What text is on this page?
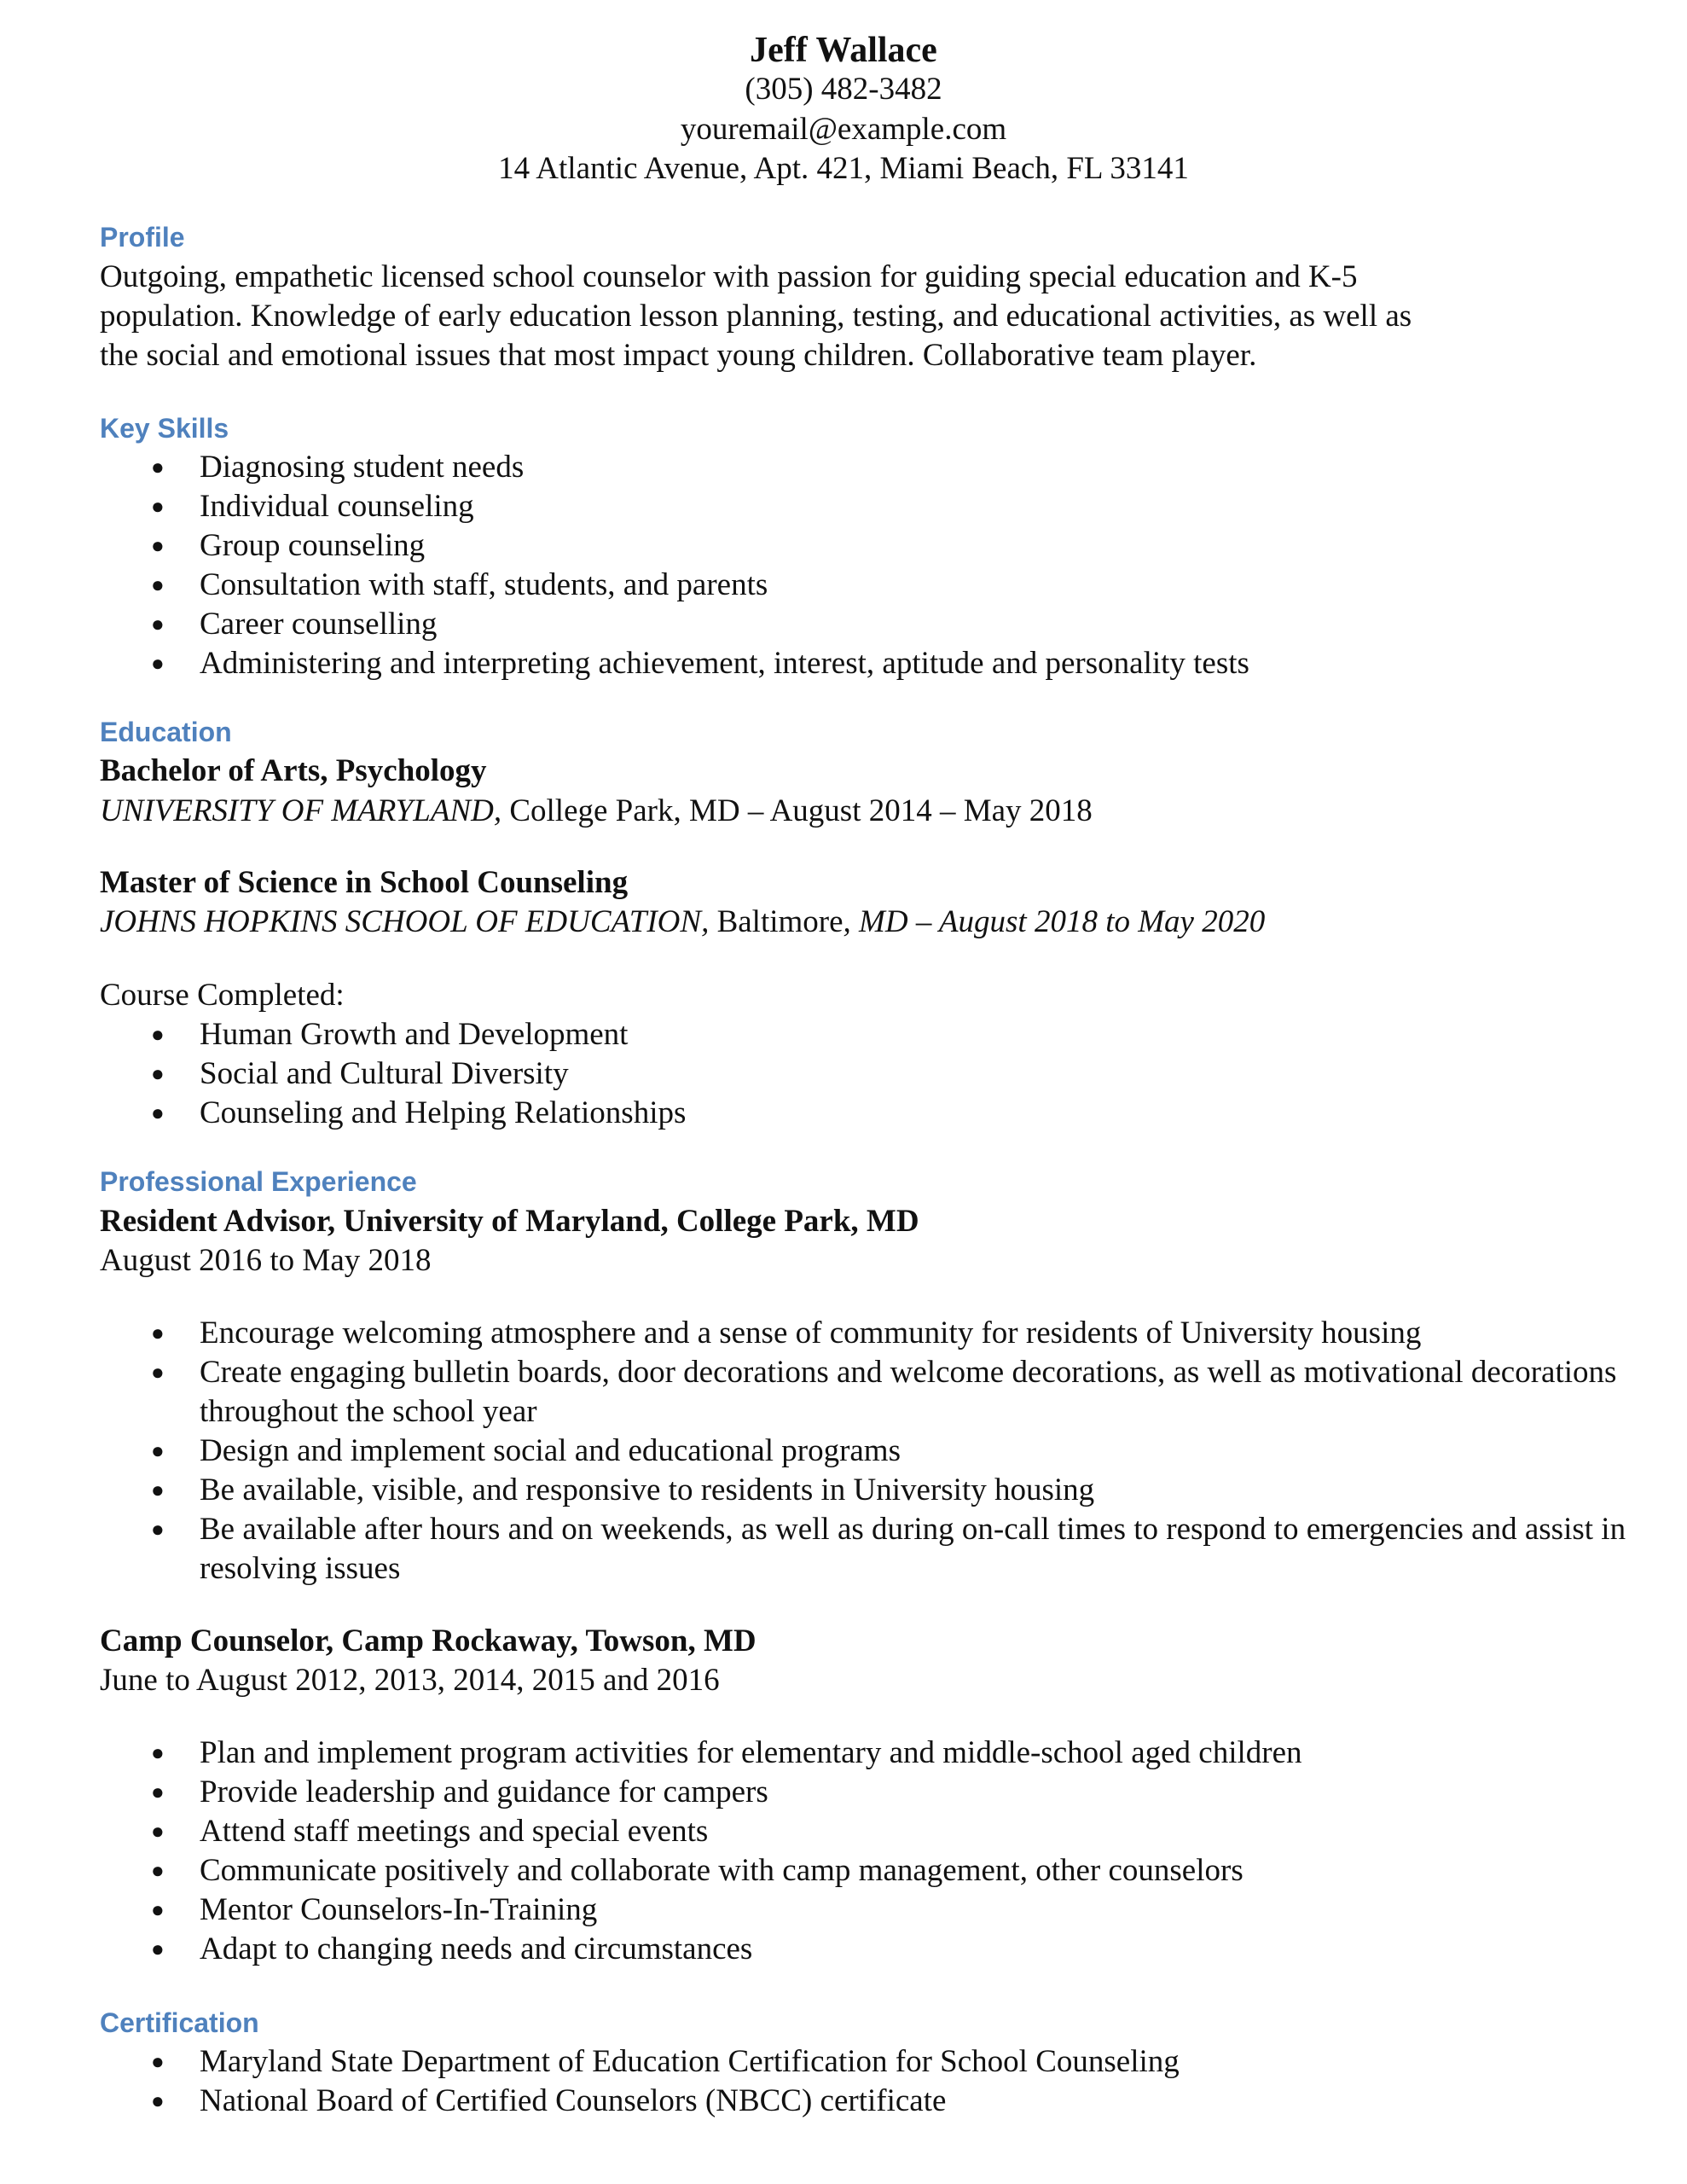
Jeff Wallace
(305) 482-3482
youremail@example.com
14 Atlantic Avenue, Apt. 421, Miami Beach, FL 33141
Profile
Outgoing, empathetic licensed school counselor with passion for guiding special education and K-5
population. Knowledge of early education lesson planning, testing, and educational activities, as well as
the social and emotional issues that most impact young children. Collaborative team player.
Key Skills
● Diagnosing student needs
● Individual counseling
● Group counseling
● Consultation with staff, students, and parents
● Career counselling
● Administering and interpreting achievement, interest, aptitude and personality tests
Education
Bachelor of Arts, Psychology
UNIVERSITY OF MARYLAND, College Park, MD – August 2014 – May 2018
Master of Science in School Counseling
JOHNS HOPKINS SCHOOL OF EDUCATION, Baltimore, MD – August 2018 to May 2020
Course Completed:
● Human Growth and Development
● Social and Cultural Diversity
● Counseling and Helping Relationships
Professional Experience
Resident Advisor, University of Maryland, College Park, MD
August 2016 to May 2018
● Encourage welcoming atmosphere and a sense of community for residents of University housing
● Create engaging bulletin boards, door decorations and welcome decorations, as well as motivational decorations throughout the school year
● Design and implement social and educational programs
● Be available, visible, and responsive to residents in University housing
● Be available after hours and on weekends, as well as during on-call times to respond to emergencies and assist in resolving issues
Camp Counselor, Camp Rockaway, Towson, MD
June to August 2012, 2013, 2014, 2015 and 2016
● Plan and implement program activities for elementary and middle-school aged children
● Provide leadership and guidance for campers
● Attend staff meetings and special events
● Communicate positively and collaborate with camp management, other counselors
● Mentor Counselors-In-Training
● Adapt to changing needs and circumstances
Certification
● Maryland State Department of Education Certification for School Counseling
● National Board of Certified Counselors (NBCC) certificate
